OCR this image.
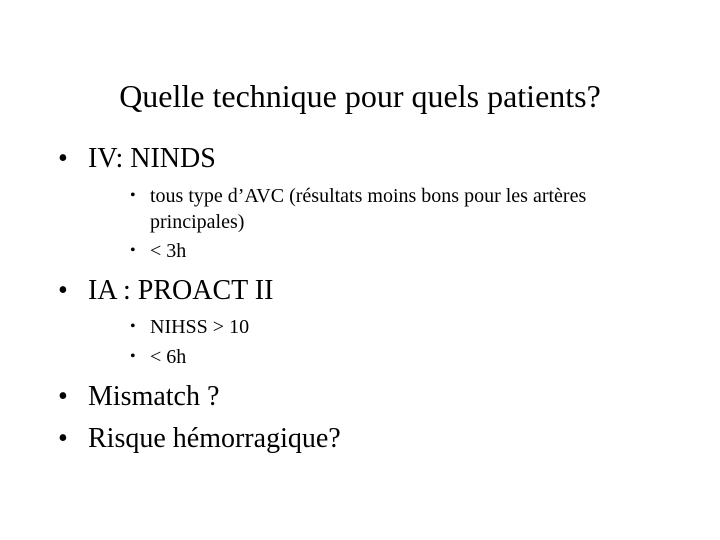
Quelle technique pour quels patients?
• IV: NINDS
• tous type d’AVC (résultats moins bons pour les artères principales)
• < 3h
• IA : PROACT II
• NIHSS > 10
• < 6h
• Mismatch ?
• Risque hémorragique?
